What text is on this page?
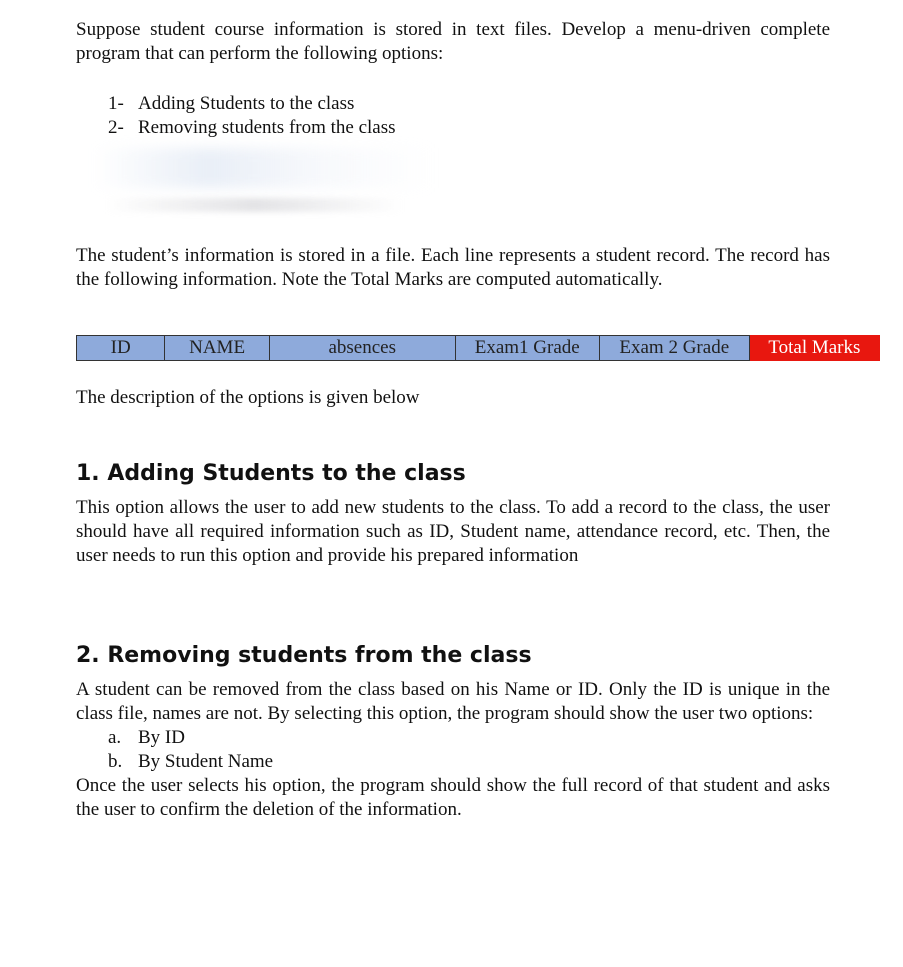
Suppose student course information is stored in text files. Develop a menu-driven complete program that can perform the following options:

1- Adding Students to the class
2- Removing students from the class

The student’s information is stored in a file. Each line represents a student record. The record has the following information. Note the Total Marks are computed automatically.

ID	NAME	absences	Exam1 Grade	Exam 2 Grade	Total Marks

The description of the options is given below

1. Adding Students to the class

This option allows the user to add new students to the class. To add a record to the class, the user should have all required information such as ID, Student name, attendance record, etc. Then, the user needs to run this option and provide his prepared information

2. Removing students from the class

A student can be removed from the class based on his Name or ID. Only the ID is unique in the class file, names are not. By selecting this option, the program should show the user two options:

a. By ID
b. By Student Name

Once the user selects his option, the program should show the full record of that student and asks the user to confirm the deletion of the information.
